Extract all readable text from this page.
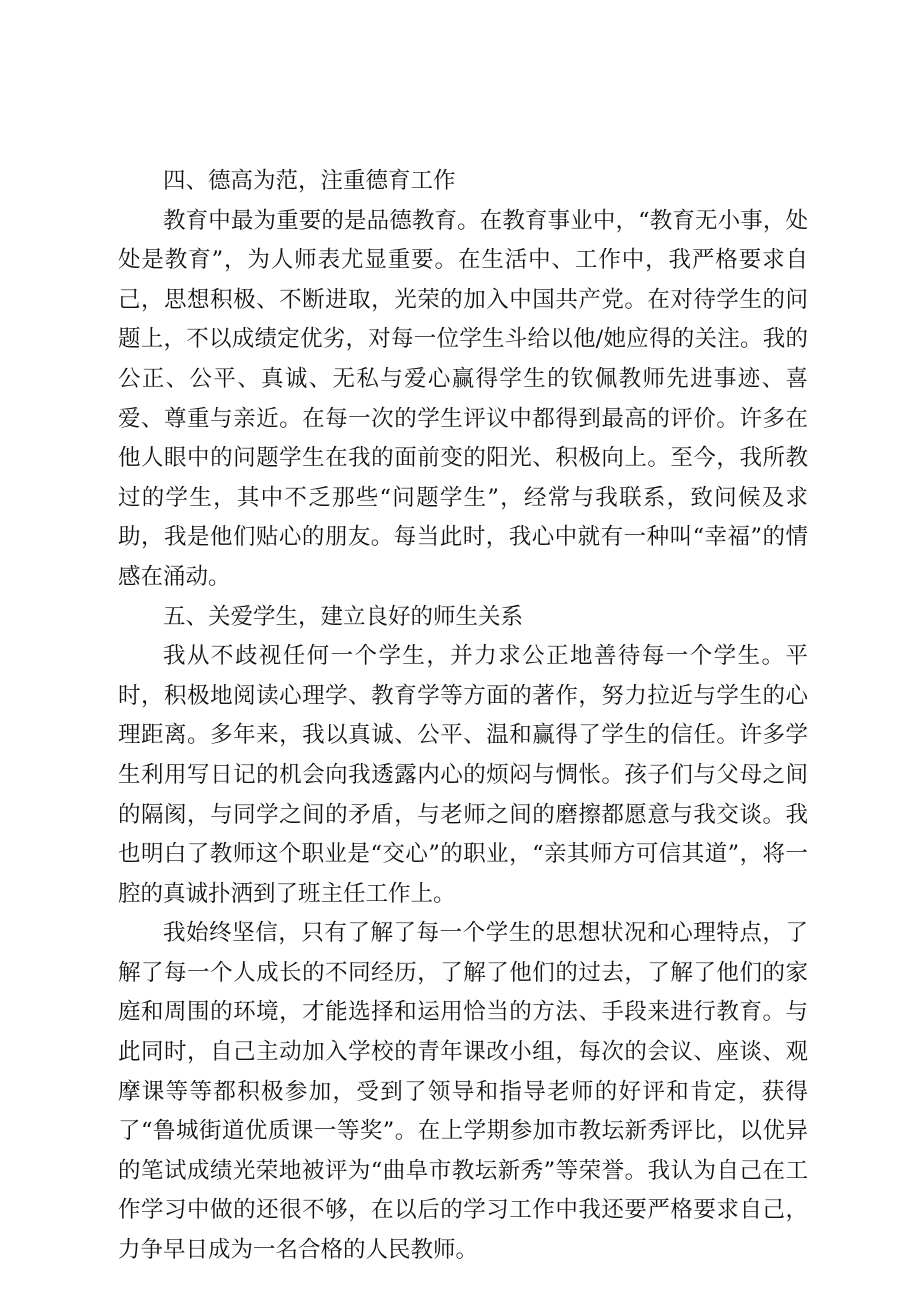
四、德高为范，注重德育工作

教育中最为重要的是品德教育。在教育事业中，“教育无小事，处处是教育”，为人师表尤显重要。在生活中、工作中，我严格要求自己，思想积极、不断进取，光荣的加入中国共产党。在对待学生的问题上，不以成绩定优劣，对每一位学生斗给以他/她应得的关注。我的公正、公平、真诚、无私与爱心赢得学生的钦佩教师先进事迹、喜爱、尊重与亲近。在每一次的学生评议中都得到最高的评价。许多在他人眼中的问题学生在我的面前变的阳光、积极向上。至今，我所教过的学生，其中不乏那些“问题学生”，经常与我联系，致问候及求助，我是他们贴心的朋友。每当此时，我心中就有一种叫“幸福”的情感在涌动。

五、关爱学生，建立良好的师生关系

我从不歧视任何一个学生，并力求公正地善待每一个学生。平时，积极地阅读心理学、教育学等方面的著作，努力拉近与学生的心理距离。多年来，我以真诚、公平、温和赢得了学生的信任。许多学生利用写日记的机会向我透露内心的烦闷与惆怅。孩子们与父母之间的隔阂，与同学之间的矛盾，与老师之间的磨擦都愿意与我交谈。我也明白了教师这个职业是“交心”的职业，“亲其师方可信其道”，将一腔的真诚扑洒到了班主任工作上。

我始终坚信，只有了解了每一个学生的思想状况和心理特点，了解了每一个人成长的不同经历，了解了他们的过去，了解了他们的家庭和周围的环境，才能选择和运用恰当的方法、手段来进行教育。与此同时，自己主动加入学校的青年课改小组，每次的会议、座谈、观摩课等等都积极参加，受到了领导和指导老师的好评和肯定，获得了“鲁城街道优质课一等奖”。在上学期参加市教坛新秀评比，以优异的笔试成绩光荣地被评为“曲阜市教坛新秀”等荣誉。我认为自己在工作学习中做的还很不够，在以后的学习工作中我还要严格要求自己，力争早日成为一名合格的人民教师。
